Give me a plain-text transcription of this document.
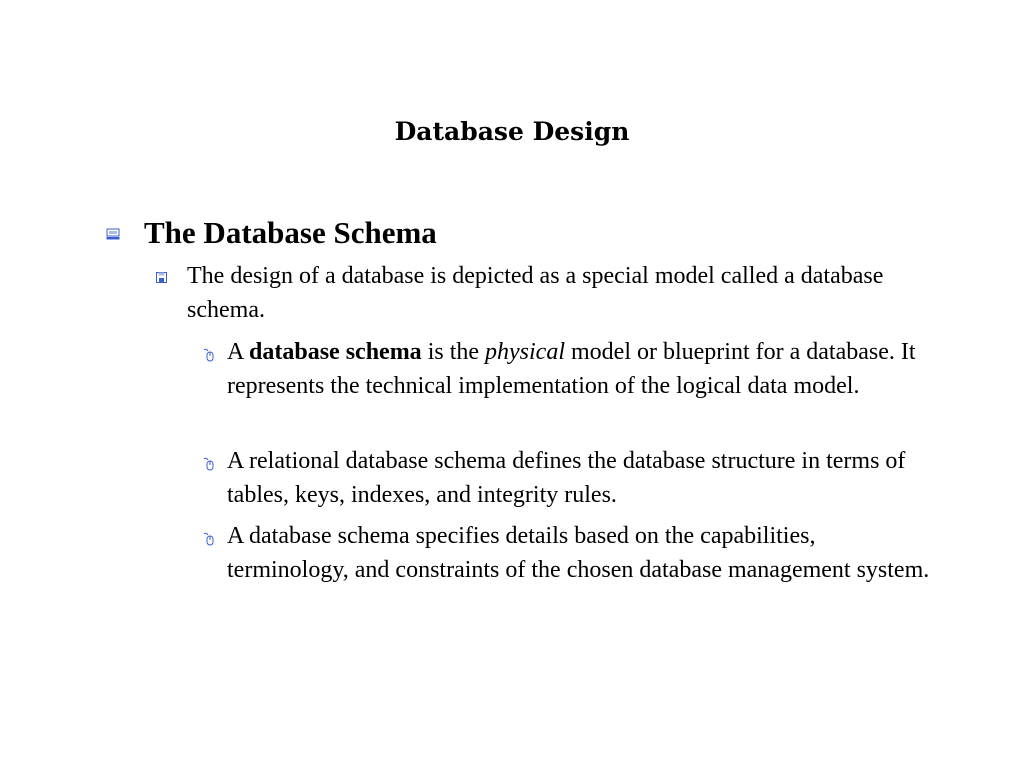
Database Design
The Database Schema
The design of a database is depicted as a special model called a database schema.
A database schema is the physical model or blueprint for a database. It represents the technical implementation of the logical data model.
A relational database schema defines the database structure in terms of tables, keys, indexes, and integrity rules.
A database schema specifies details based on the capabilities, terminology, and constraints of the chosen database management system.
